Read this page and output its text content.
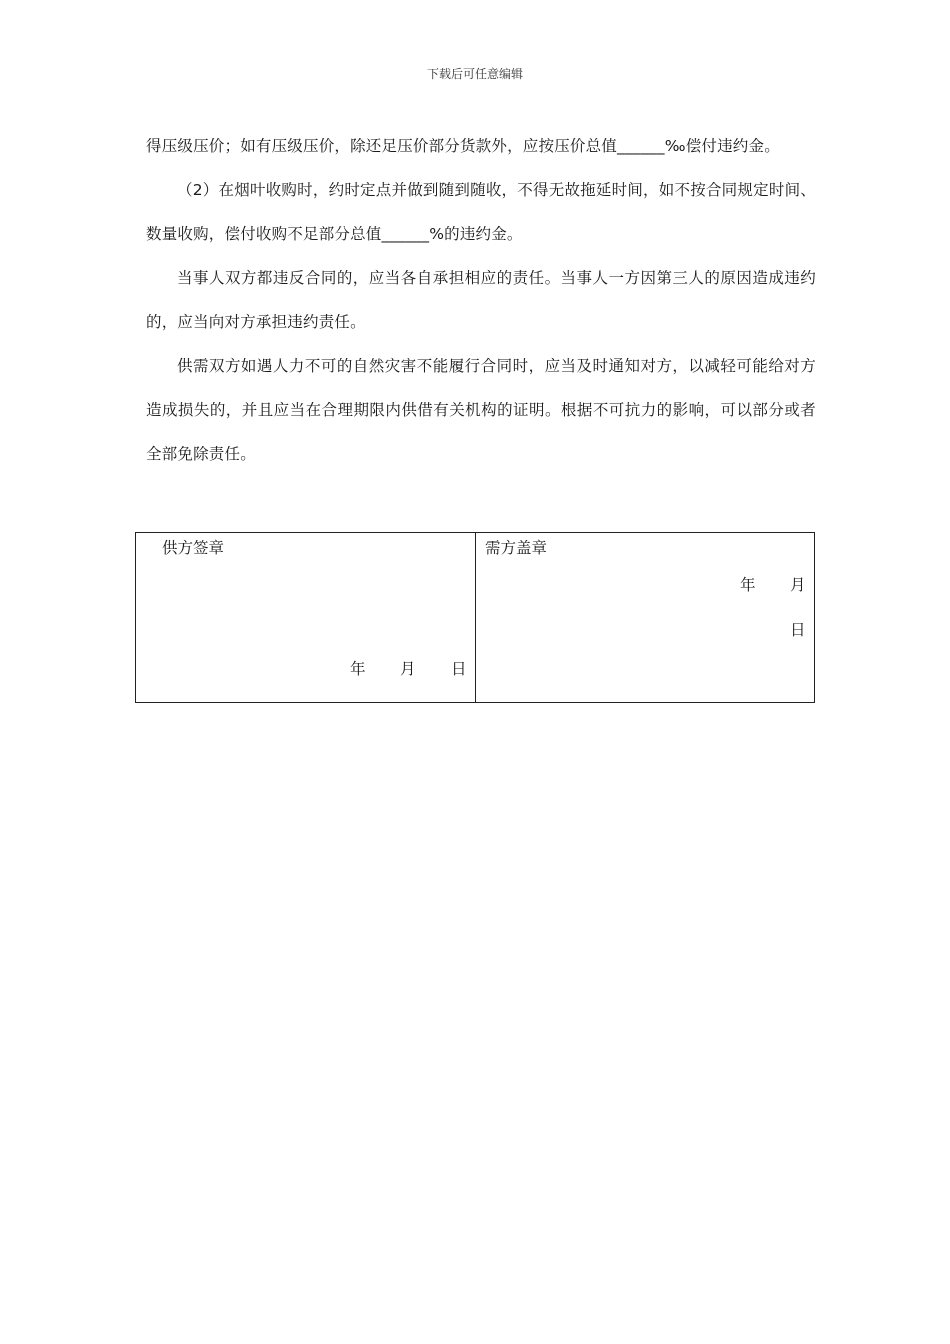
下载后可任意编辑

得压级压价；如有压级压价，除还足压价部分货款外，应按压价总值______‰偿付违约金。

（2）在烟叶收购时，约时定点并做到随到随收，不得无故拖延时间，如不按合同规定时间、数量收购，偿付收购不足部分总值______%的违约金。

当事人双方都违反合同的，应当各自承担相应的责任。当事人一方因第三人的原因造成违约的，应当向对方承担违约责任。

供需双方如遇人力不可的自然灾害不能履行合同时，应当及时通知对方，以减轻可能给对方造成损失的，并且应当在合理期限内供借有关机构的证明。根据不可抗力的影响，可以部分或者全部免除责任。

供方签章
年 月 日
需方盖章
年 月
日
